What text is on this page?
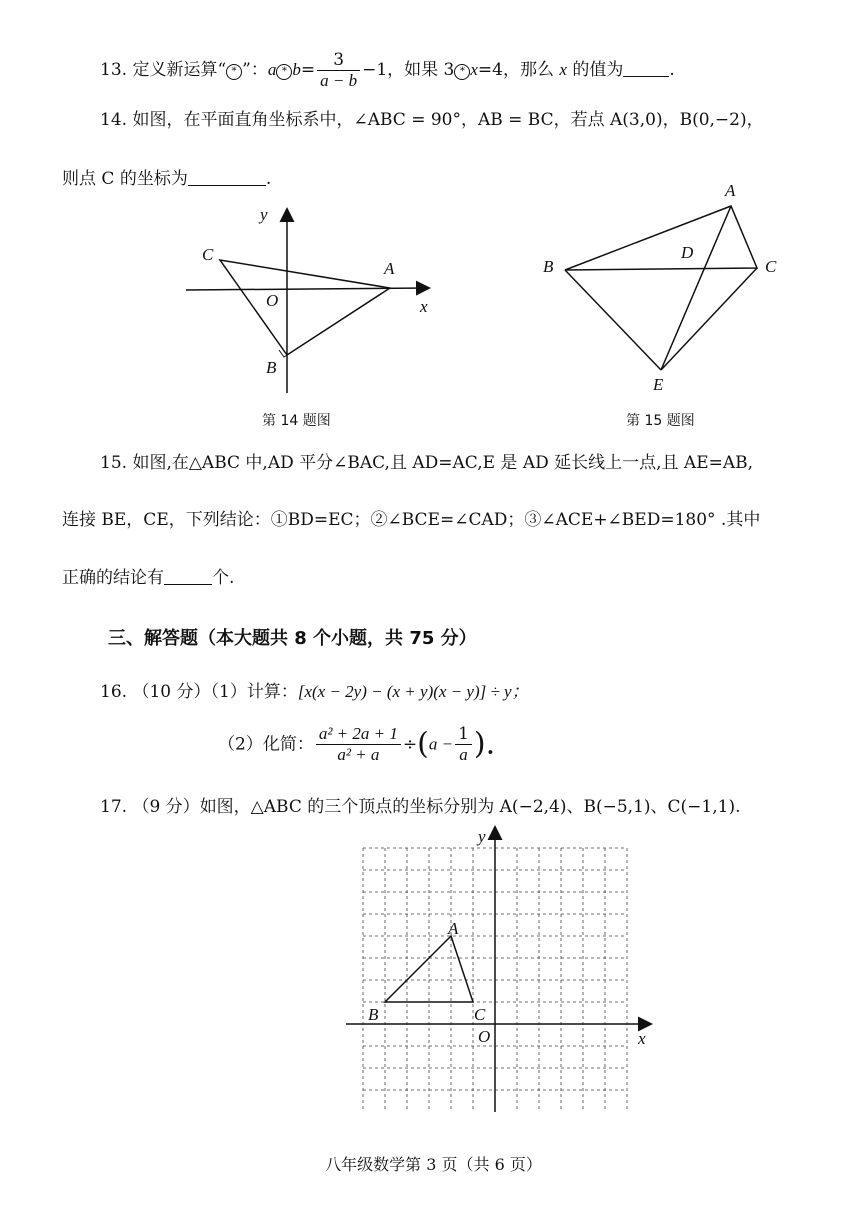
13. 定义新运算“ * ”：$a * b= \frac{3}{a - b} -1$，如果 3 * x=4，那么 x 的值为	.
14. 如图，在平面直角坐标系中，∠ABC = 90°，AB = BC，若点 A(3,0)，B(0,−2)，
则点 C 的坐标为	.
y
x
O
A
B
C
第 14 题图
A
B	C
D
E
第 15 题图
15. 如图,在△ABC 中,AD 平分∠BAC,且 AD=AC,E 是 AD 延长线上一点,且 AE=AB,
连接 BE，CE，下列结论：①BD=EC；②∠BCE=∠CAD；③∠ACE+∠BED=180° .其中
正确的结论有	个.
三、解答题（本大题共 8 个小题，共 75 分）
16. （10 分）（1）计算：[x(x − 2y) − (x + y)(x − y)] ÷ y；
（2）化简： $\frac{\text{a² + 2a + 1}}{\text{a² + a}} \div(a - \frac{1}{a}$ ).
17. （9 分）如图，△ABC 的三个顶点的坐标分别为 A(−2,4)、B(−5,1)、C(−1,1).
y
x
O
A
B	C
八年级数学第 3 页（共 6 页）
